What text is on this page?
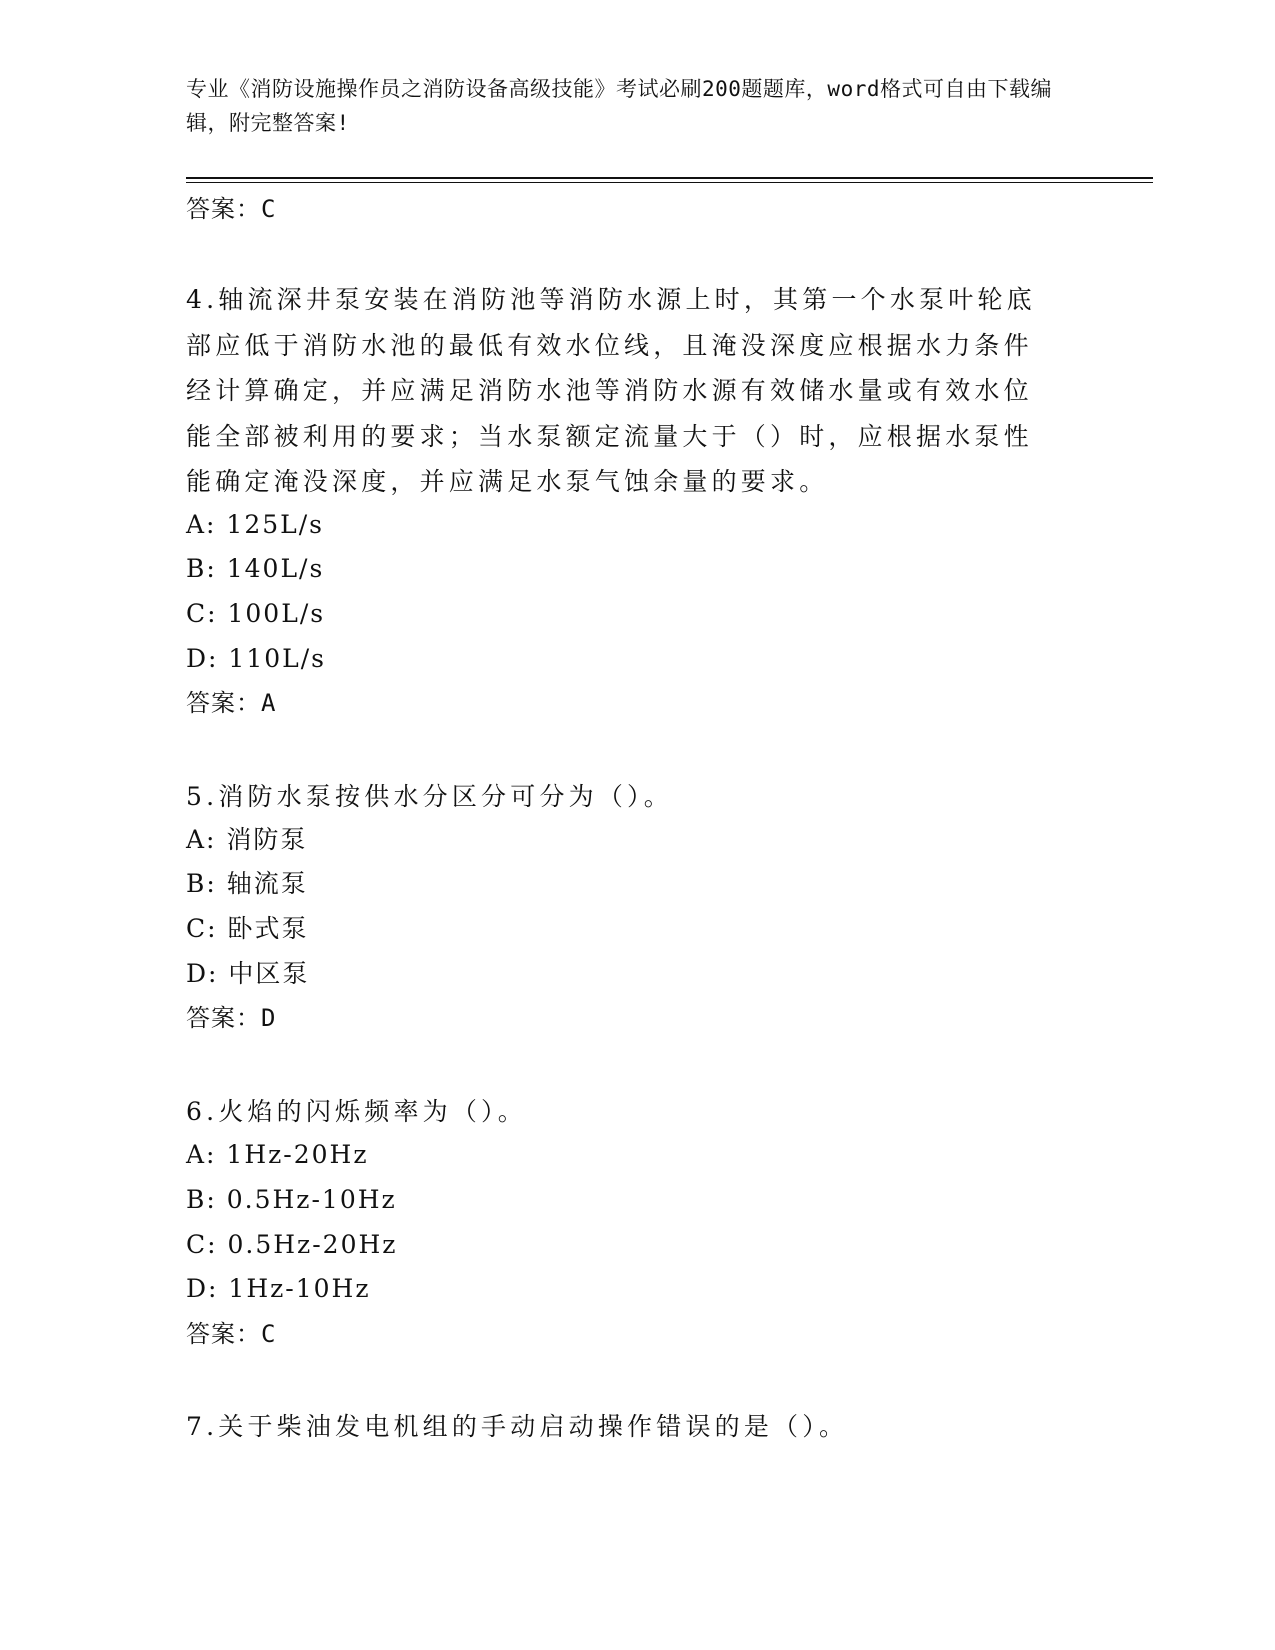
专业《消防设施操作员之消防设备高级技能》考试必刷200题题库，word格式可自由下载编辑，附完整答案!
答案：C
4.轴流深井泵安装在消防池等消防水源上时，其第一个水泵叶轮底部应低于消防水池的最低有效水位线，且淹没深度应根据水力条件经计算确定，并应满足消防水池等消防水源有效储水量或有效水位能全部被利用的要求；当水泵额定流量大于（）时，应根据水泵性能确定淹没深度，并应满足水泵气蚀余量的要求。
A: 125L/s
B: 140L/s
C: 100L/s
D: 110L/s
答案：A
5.消防水泵按供水分区分可分为（）。
A: 消防泵
B: 轴流泵
C: 卧式泵
D: 中区泵
答案：D
6.火焰的闪烁频率为（）。
A: 1Hz-20Hz
B: 0.5Hz-10Hz
C: 0.5Hz-20Hz
D: 1Hz-10Hz
答案：C
7.关于柴油发电机组的手动启动操作错误的是（）。
